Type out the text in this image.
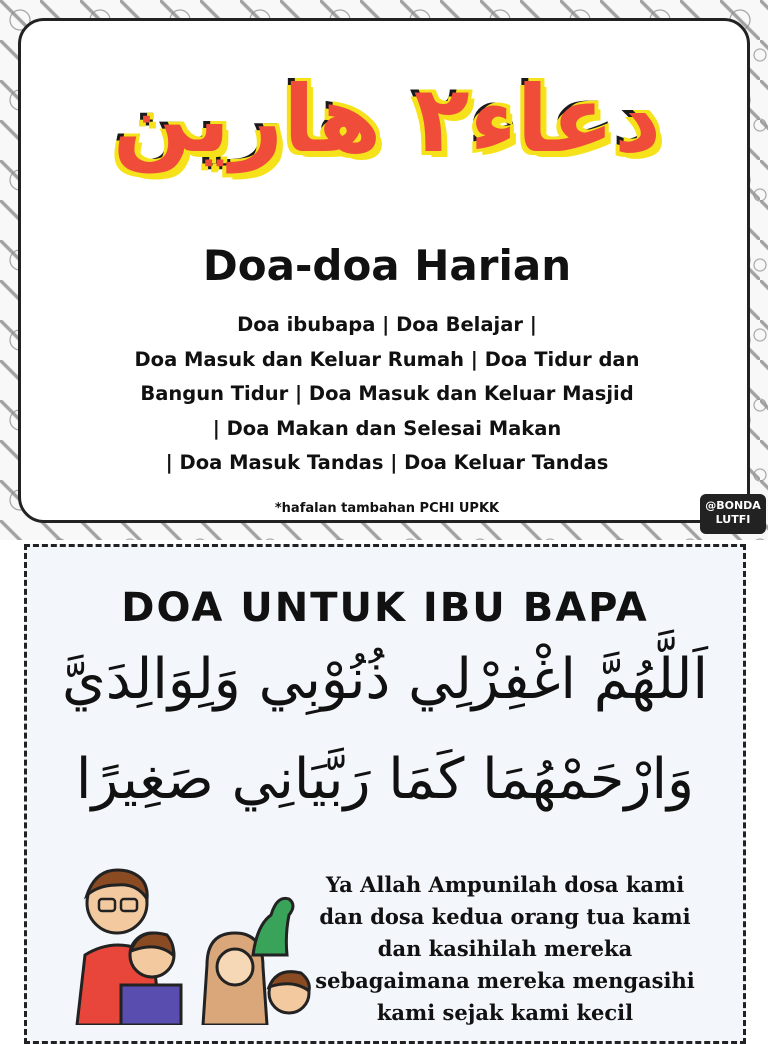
دعاء٢ هارين
Doa-doa Harian
Doa ibubapa | Doa Belajar |
Doa Masuk dan Keluar Rumah | Doa Tidur dan
Bangun Tidur | Doa Masuk dan Keluar Masjid
| Doa Makan dan Selesai Makan
| Doa Masuk Tandas | Doa Keluar Tandas
*hafalan tambahan PCHI UPKK	@BONDA
LUTFI
DOA UNTUK IBU BAPA
اَللَّهُمَّ اغْفِرْلِي ذُنُوْبِي وَلِوَالِدَيَّ
وَارْحَمْهُمَا كَمَا رَبَّيَانِي صَغِيرًا
Ya Allah Ampunilah dosa kami
dan dosa kedua orang tua kami
dan kasihilah mereka
sebagaimana mereka mengasihi
kami sejak kami kecil
